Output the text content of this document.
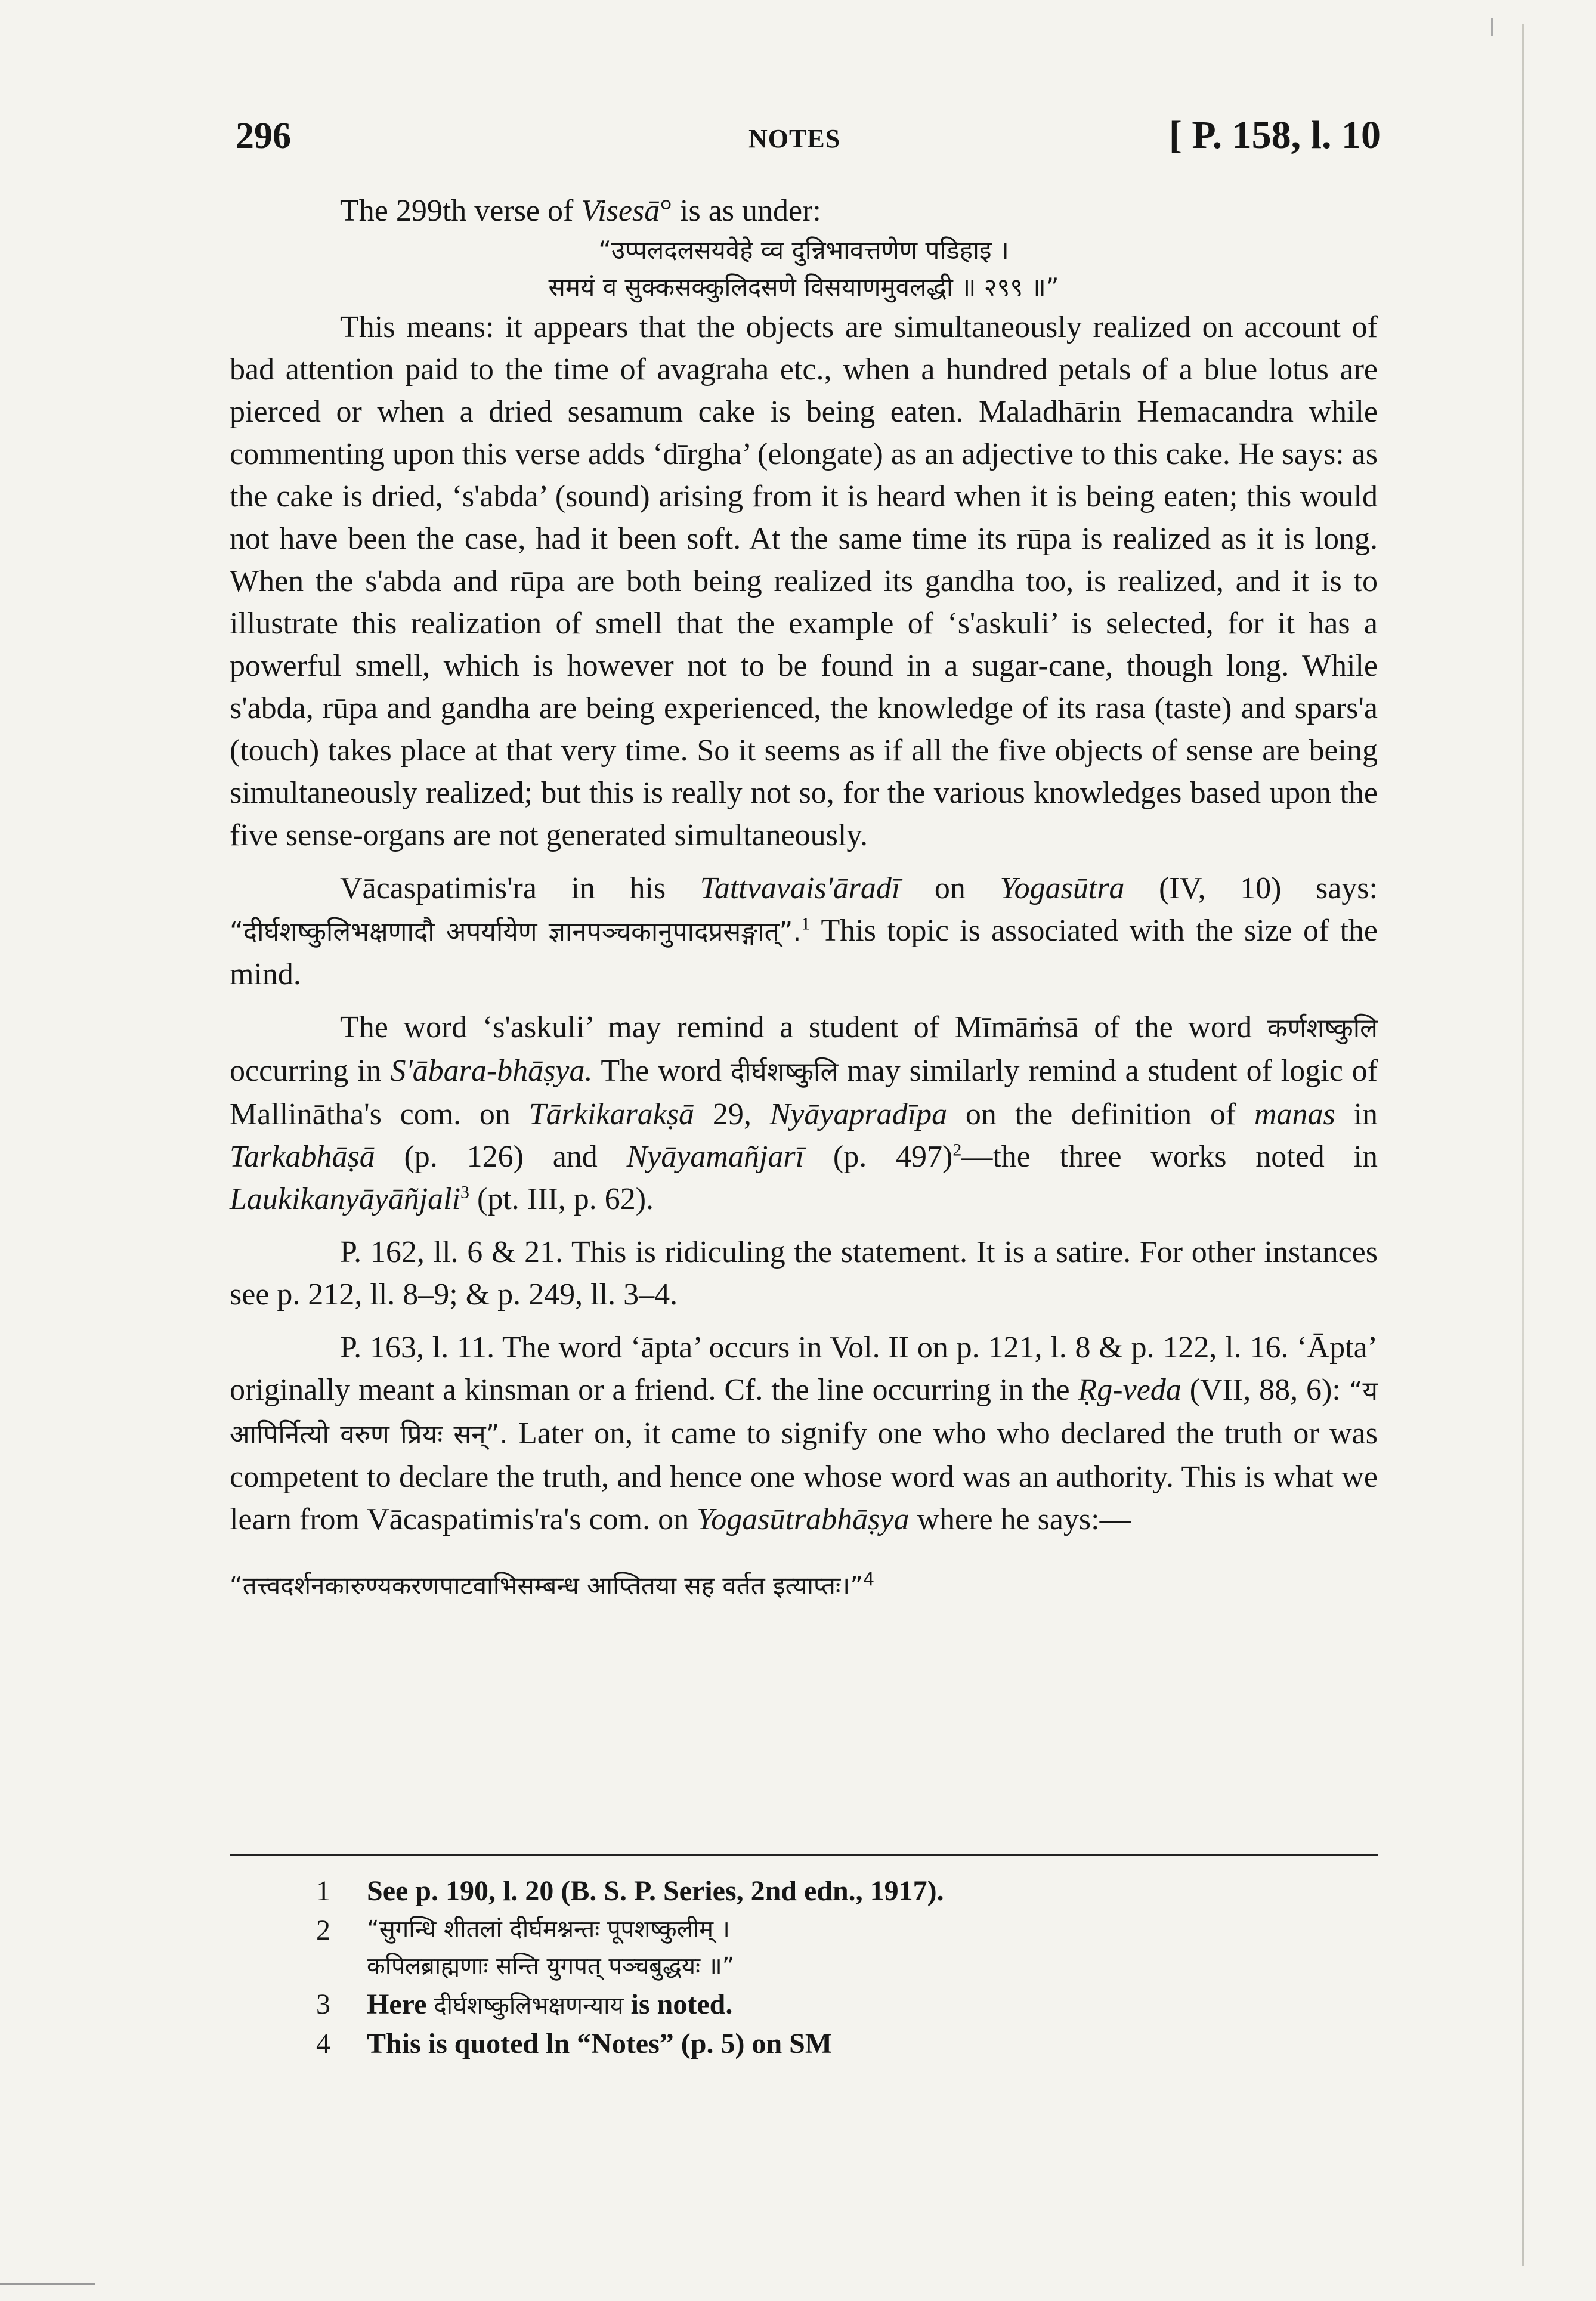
296	NOTES	[ P. 158, l. 10

The 299th verse of Visesā° is as under:

“उप्पलदलसयवेहे व्व दुन्निभावत्तणेण पडिहाइ ।
समयं व सुक्कसक्कुलिदसणे विसयाणमुवलद्धी ॥ २९९ ॥”

This means: it appears that the objects are simultaneously realized on account of bad attention paid to the time of avagraha etc., when a hundred petals of a blue lotus are pierced or when a dried sesamum cake is being eaten. Maladhārin Hemacandra while commenting upon this verse adds ‘dīrgha’ (elongate) as an adjective to this cake. He says: as the cake is dried, ‘s'abda’ (sound) arising from it is heard when it is being eaten; this would not have been the case, had it been soft. At the same time its rūpa is realized as it is long. When the s'abda and rūpa are both being realized its gandha too, is realized, and it is to illustrate this realization of smell that the example of ‘s'askuli’ is selected, for it has a powerful smell, which is however not to be found in a sugar-cane, though long. While s'abda, rūpa and gandha are being experienced, the knowledge of its rasa (taste) and spars'a (touch) takes place at that very time. So it seems as if all the five objects of sense are being simultaneously realized; but this is really not so, for the various knowledges based upon the five sense-organs are not generated simultaneously.

Vācaspatimis'ra in his Tattvavais'āradī on Yogasūtra (IV, 10) says: “दीर्घशष्कुलिभक्षणादौ अपर्यायेण ज्ञानपञ्चकानुपादप्रसङ्गात्”.$^1$ This topic is associated with the size of the mind.

The word ‘s'askuli’ may remind a student of Mīmāṁsā of the word कर्णशष्कुलि occurring in S'ābara-bhāṣya. The word दीर्घशष्कुलि may similarly remind a student of logic of Mallinātha's com. on Tārkikarakṣā 29, Nyāyapradīpa on the definition of manas in Tarkabhāṣā (p. 126) and Nyāyamañjarī (p. 497)$^2$—the three works noted in Laukikanyāyāñjali$^3$ (pt. III, p. 62).

P. 162, ll. 6 & 21. This is ridiculing the statement. It is a satire. For other instances see p. 212, ll. 8–9; & p. 249, ll. 3–4.

P. 163, l. 11. The word ‘āpta’ occurs in Vol. II on p. 121, l. 8 & p. 122, l. 16. ‘Āpta’ originally meant a kinsman or a friend. Cf. the line occurring in the Ṛg-veda (VII, 88, 6): “य आपिर्नित्यो वरुण प्रियः सन्”. Later on, it came to signify one who who declared the truth or was competent to declare the truth, and hence one whose word was an authority. This is what we learn from Vācaspatimis'ra's com. on Yogasūtrabhāṣya where he says:—

“तत्त्वदर्शनकारुण्यकरणपाटवाभिसम्बन्ध आप्तितया सह वर्तत इत्याप्तः।”$^4$

1 See p. 190, l. 20 (B. S. P. Series, 2nd edn., 1917).
2 “सुगन्धि शीतलां दीर्घमश्नन्तः पूपशष्कुलीम् ।
कपिलब्राह्मणाः सन्ति युगपत् पञ्चबुद्धयः ॥”
3 Here दीर्घशष्कुलिभक्षणन्याय is noted.
4 This is quoted ln “Notes” (p. 5) on SM
